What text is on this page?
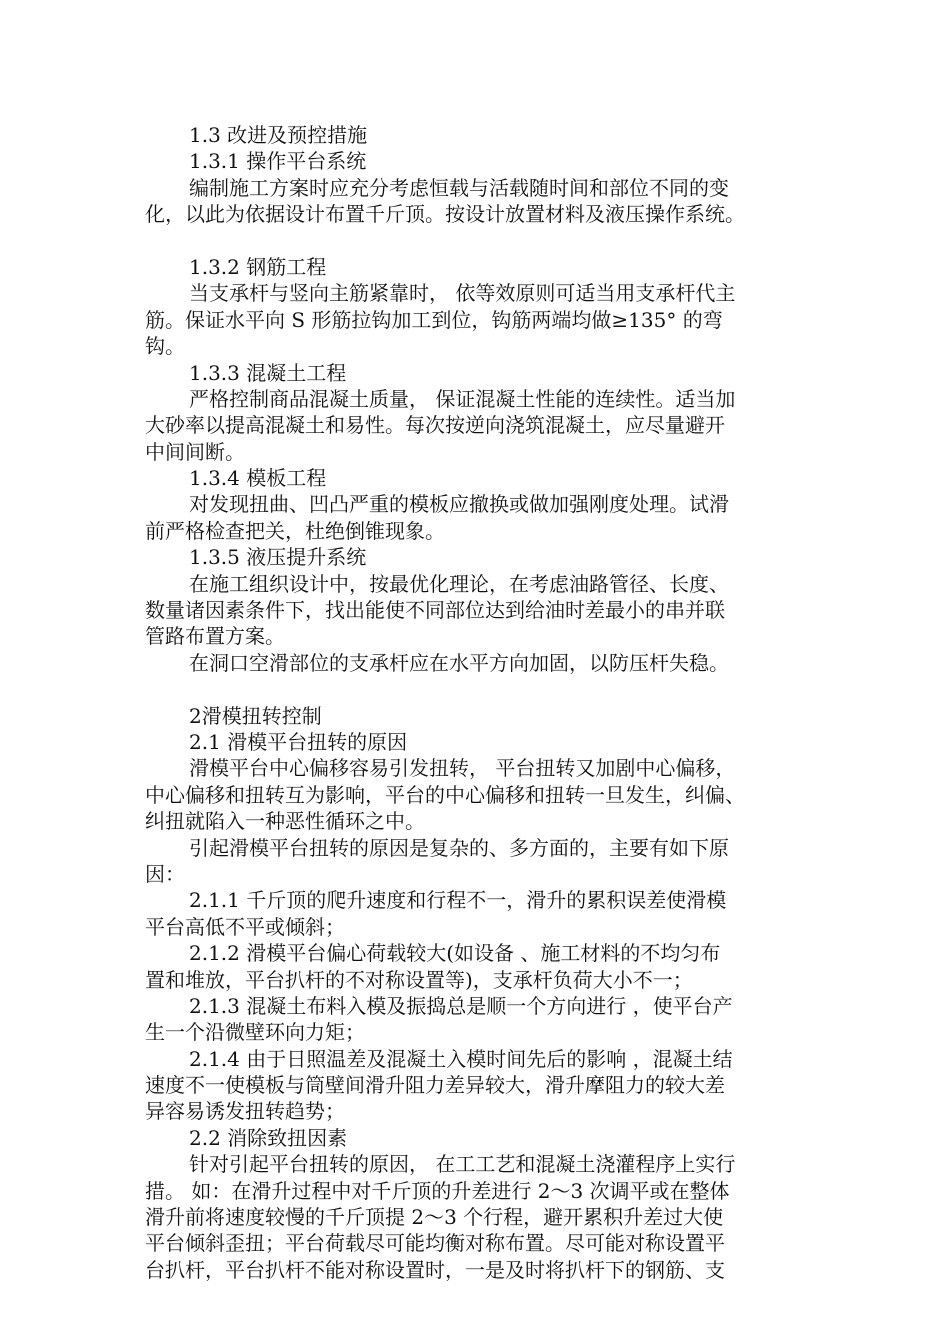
1.3 改进及预控措施
1.3.1 操作平台系统
编制施工方案时应充分考虑恒载与活载随时间和部位不同的变
化，以此为依据设计布置千斤顶。按设计放置材料及液压操作系统。
1.3.2 钢筋工程
当支承杆与竖向主筋紧靠时， 依等效原则可适当用支承杆代主
筋。保证水平向 S 形筋拉钩加工到位，钩筋两端均做≥135° 的弯
钩。
1.3.3 混凝土工程
严格控制商品混凝土质量， 保证混凝土性能的连续性。适当加
大砂率以提高混凝土和易性。每次按逆向浇筑混凝土，应尽量避开
中间间断。
1.3.4 模板工程
对发现扭曲、凹凸严重的模板应撤换或做加强刚度处理。试滑
前严格检查把关，杜绝倒锥现象。
1.3.5 液压提升系统
在施工组织设计中，按最优化理论，在考虑油路管径、长度、
数量诸因素条件下，找出能使不同部位达到给油时差最小的串并联
管路布置方案。
在洞口空滑部位的支承杆应在水平方向加固，以防压杆失稳。
2滑模扭转控制
2.1 滑模平台扭转的原因
滑模平台中心偏移容易引发扭转， 平台扭转又加剧中心偏移，
中心偏移和扭转互为影响，平台的中心偏移和扭转一旦发生，纠偏、
纠扭就陷入一种恶性循环之中。
引起滑模平台扭转的原因是复杂的、多方面的，主要有如下原
因：
2.1.1 千斤顶的爬升速度和行程不一，滑升的累积误差使滑模
平台高低不平或倾斜；
2.1.2 滑模平台偏心荷载较大(如设备 、施工材料的不均匀布
置和堆放，平台扒杆的不对称设置等)，支承杆负荷大小不一；
2.1.3 混凝土布料入模及振捣总是顺一个方向进行 ，使平台产
生一个沿微壁环向力矩；
2.1.4 由于日照温差及混凝土入模时间先后的影响 ，混凝土结
速度不一使模板与筒壁间滑升阻力差异较大，滑升摩阻力的较大差
异容易诱发扭转趋势；
2.2 消除致扭因素
针对引起平台扭转的原因， 在工工艺和混凝土浇灌程序上实行
措。 如：在滑升过程中对千斤顶的升差进行 2～3 次调平或在整体
滑升前将速度较慢的千斤顶提 2～3 个行程，避开累积升差过大使
平台倾斜歪扭；平台荷载尽可能均衡对称布置。尽可能对称设置平
台扒杆，平台扒杆不能对称设置时，一是及时将扒杆下的钢筋、支
